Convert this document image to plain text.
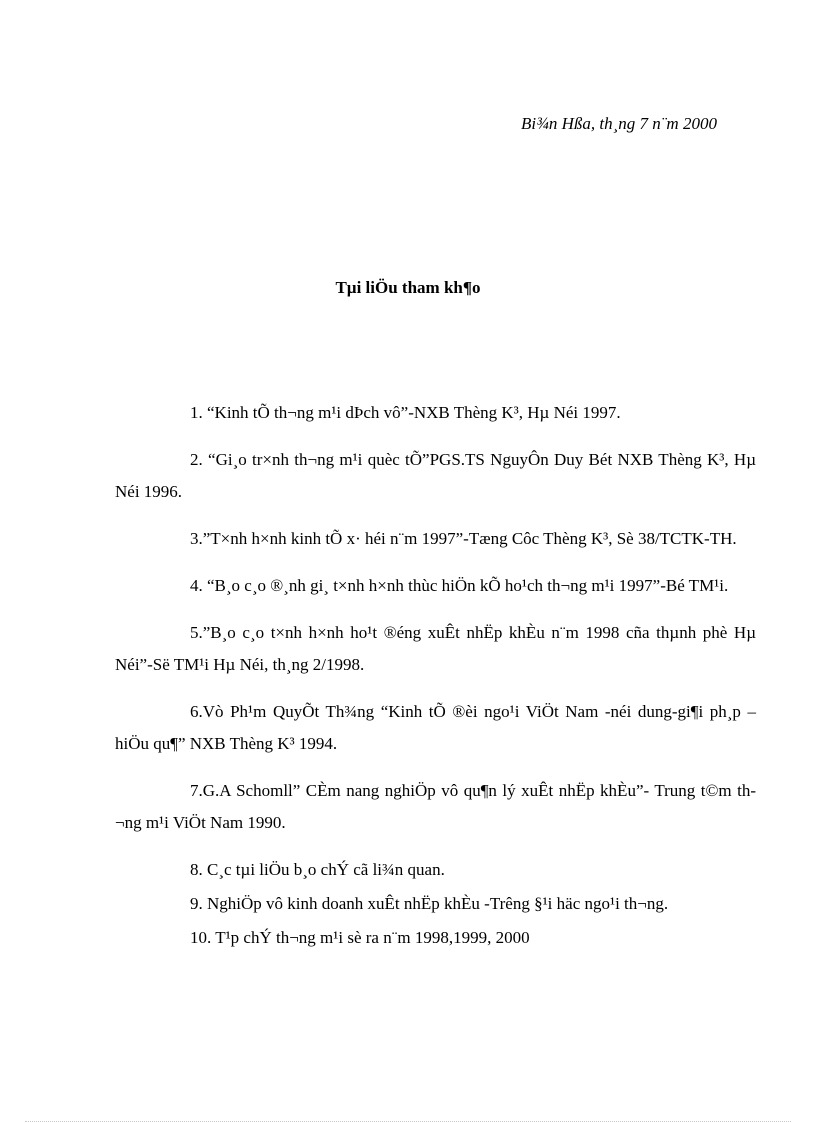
Bi¾n Hßa, th¸ng 7 n¨m 2000
Tµi liÖu tham kh¶o
1. “Kinh tÕ th¬ng m¹i dÞch vô”-NXB Thèng K³, Hµ Néi 1997.
2. “Gi¸o tr×nh th¬ng m¹i quèc tÕ”PGS.TS NguyÔn Duy Bét NXB Thèng K³, Hµ Néi 1996.
3.”T×nh h×nh kinh tÕ x· héi n¨m 1997”-Tæng Côc Thèng K³, Sè 38/TCTK-TH.
4. “B¸o c¸o ®¸nh gi¸ t×nh h×nh thùc hiÖn kÕ ho¹ch th¬ng m¹i 1997”-Bé TM¹i.
5.”B¸o c¸o t×nh h×nh ho¹t ®éng xuÊt nhËp khÈu n¨m 1998 cña thµnh phè Hµ Néi”-Së TM¹i Hµ Néi, th¸ng 2/1998.
6.Vò Ph¹m QuyÕt Th¾ng “Kinh tÕ ®èi ngo¹i ViÖt Nam -néi dung-gi¶i ph¸p –hiÖu qu¶” NXB Thèng K³ 1994.
7.G.A Schomll” CÈm nang nghiÖp vô qu¶n lý xuÊt nhËp khÈu”- Trung t©m th¬ng m¹i ViÖt Nam 1990.
8. C¸c tµi liÖu b¸o chÝ cã li¾n quan.
9. NghiÖp vô kinh doanh xuÊt nhËp khÈu -Trêng §¹i häc ngo¹i th¬ng.
10. T¹p chÝ th¬ng m¹i sè ra n¨m 1998,1999, 2000
